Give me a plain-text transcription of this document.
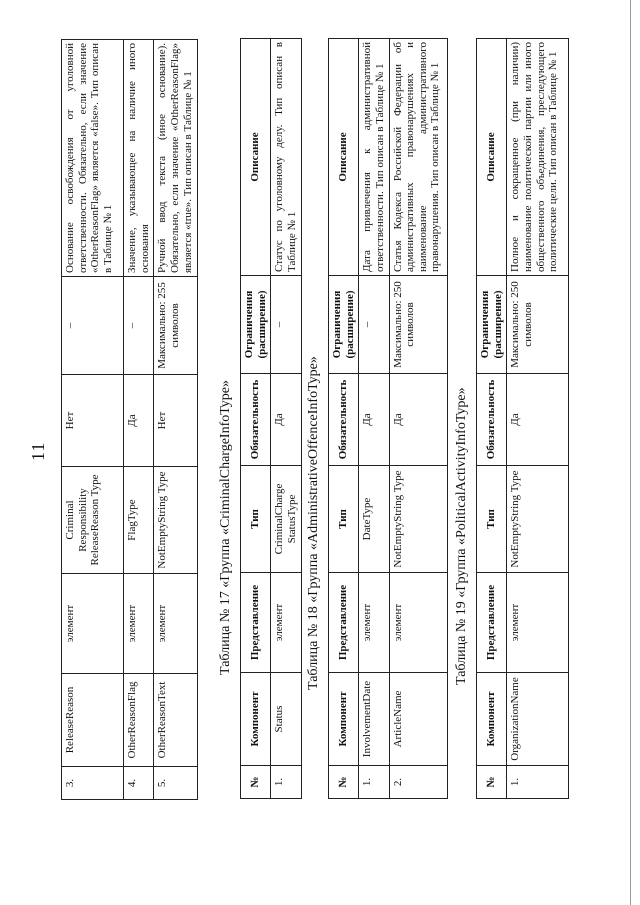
11
3.	ReleaseReason	элемент	Criminal Responsibility ReleaseReason Type	Нет	–	Основание освобождения от уголовной ответственности. Обязательно, если значение «OtherReasonFlag» является «false». Тип описан в Таблице № 1
4.	OtherReasonFlag	элемент	FlagType	Да	–	Значение, указывающее на наличие иного основания
5.	OtherReasonText	элемент	NotEmptyString Type	Нет	Максимально: 255 символов	Ручной ввод текста (иное основание). Обязательно, если значение «OtherReasonFlag» является «true». Тип описан в Таблице № 1
Таблица № 17 «Группа «CriminalChargeInfoType»
№	Компонент	Представление	Тип	Обязательность	Ограничения (расширение)	Описание
1.	Status	элемент	CriminalCharge StatusType	Да	–	Статус по уголовному делу. Тип описан в Таблице № 1
Таблица № 18 «Группа «AdministrativeOffenceInfoType»
№	Компонент	Представление	Тип	Обязательность	Ограничения (расширение)	Описание
1.	InvolvementDate	элемент	DateType	Да	–	Дата привлечения к административной ответственности. Тип описан в Таблице № 1
2.	ArticleName	элемент	NotEmptyString Type	Да	Максимально: 250 символов	Статья Кодекса Российской Федерации об административных правонарушениях и наименование административного правонарушения. Тип описан в Таблице № 1
Таблица № 19 «Группа «PoliticalActivityInfoType»
№	Компонент	Представление	Тип	Обязательность	Ограничения (расширение)	Описание
1.	OrganizationName	элемент	NotEmptyString Type	Да	Максимально: 250 символов	Полное и сокращенное (при наличии) наименование политической партии или иного общественного объединения, преследующего политические цели. Тип описан в Таблице № 1
